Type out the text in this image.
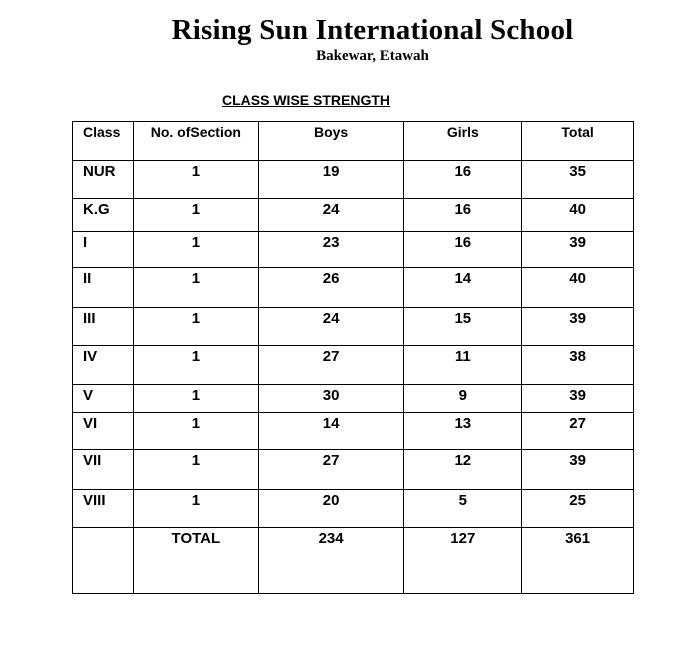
Rising Sun International School
Bakewar, Etawah
CLASS WISE STRENGTH
Class	No. ofSection	Boys	Girls	Total
NUR	1	19	16	35
K.G	1	24	16	40
I	1	23	16	39
II	1	26	14	40
III	1	24	15	39
IV	1	27	11	38
V	1	30	9	39
VI	1	14	13	27
VII	1	27	12	39
VIII	1	20	5	25
	TOTAL	234	127	361
